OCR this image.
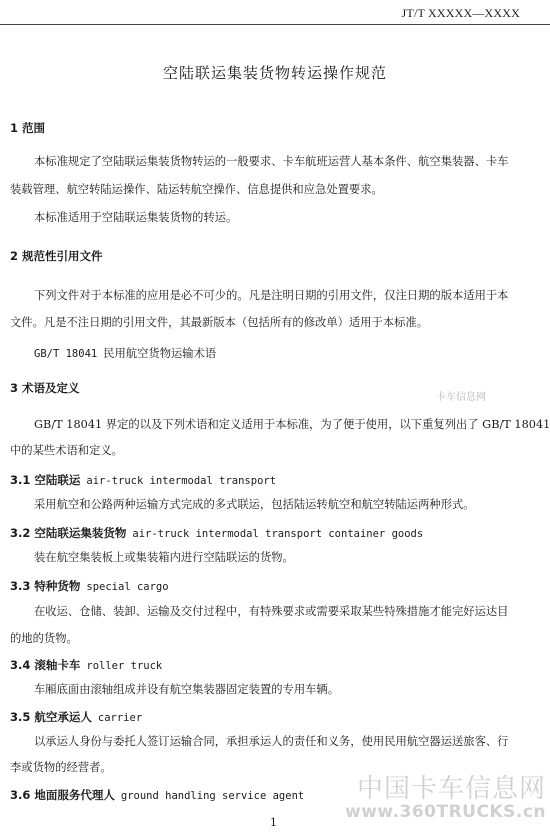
JT/T XXXXX—XXXX
空陆联运集装货物转运操作规范
1 范围
本标准规定了空陆联运集装货物转运的一般要求、卡车航班运营人基本条件、航空集装器、卡车
装载管理、航空转陆运操作、陆运转航空操作、信息提供和应急处置要求。
本标准适用于空陆联运集装货物的转运。
2 规范性引用文件
下列文件对于本标准的应用是必不可少的。凡是注明日期的引用文件，仅注日期的版本适用于本
文件。凡是不注日期的引用文件，其最新版本（包括所有的修改单）适用于本标准。
GB/T 18041 民用航空货物运输术语
3 术语及定义
卡车信息网
GB/T 18041 界定的以及下列术语和定义适用于本标准，为了便于使用，以下重复列出了 GB/T 18041
中的某些术语和定义。
3.1 空陆联运 air-truck intermodal transport
采用航空和公路两种运输方式完成的多式联运，包括陆运转航空和航空转陆运两种形式。
3.2 空陆联运集装货物 air-truck intermodal transport container goods
装在航空集装板上或集装箱内进行空陆联运的货物。
3.3 特种货物 special cargo
在收运、仓储、装卸、运输及交付过程中，有特殊要求或需要采取某些特殊措施才能完好运达目
的地的货物。
3.4 滚轴卡车 roller truck
车厢底面由滚轴组成并设有航空集装器固定装置的专用车辆。
3.5 航空承运人 carrier
以承运人身份与委托人签订运输合同，承担承运人的责任和义务，使用民用航空器运送旅客、行
李或货物的经营者。
3.6 地面服务代理人 ground handling service agent	中国卡车信息网
www.360TRUCKS.cn
1
